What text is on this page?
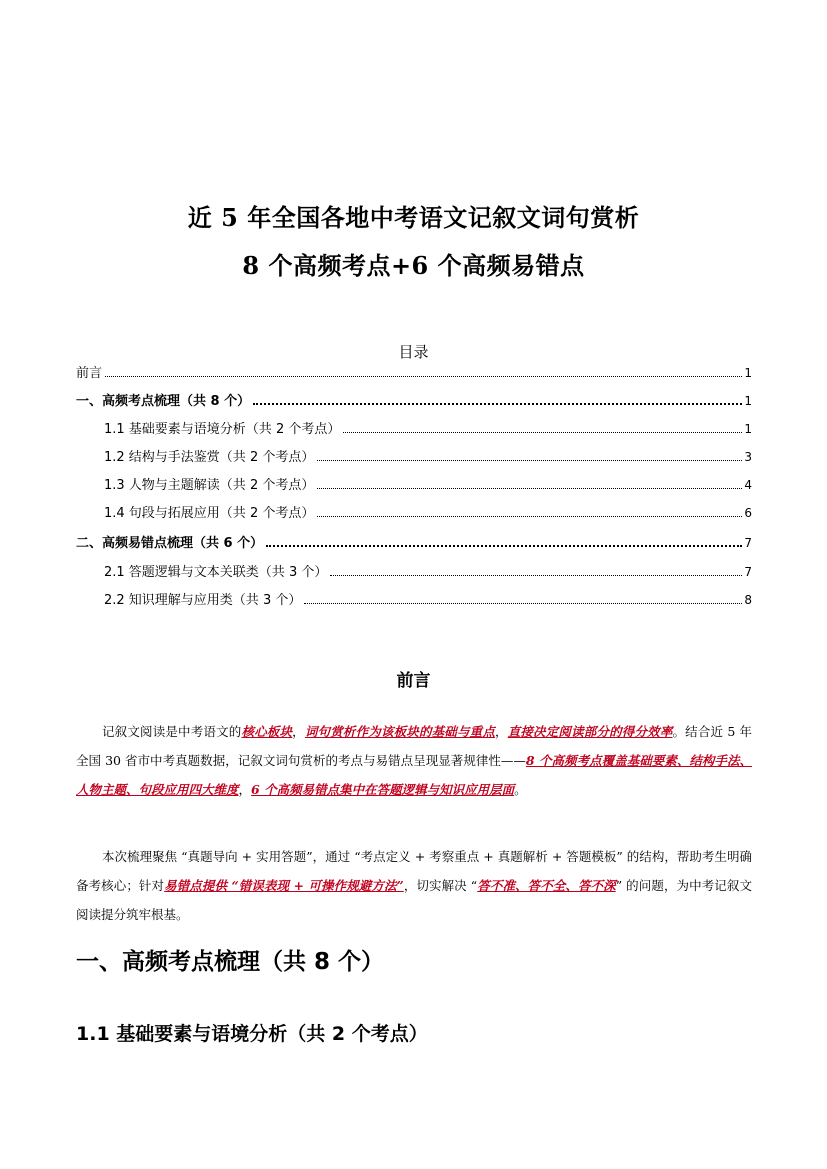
近 5 年全国各地中考语文记叙文词句赏析
8 个高频考点+6 个高频易错点
目录
前言	1
一、高频考点梳理（共 8 个）	1
1.1 基础要素与语境分析（共 2 个考点）	1
1.2 结构与手法鉴赏（共 2 个考点）	3
1.3 人物与主题解读（共 2 个考点）	4
1.4 句段与拓展应用（共 2 个考点）	6
二、高频易错点梳理（共 6 个）	7
2.1 答题逻辑与文本关联类（共 3 个）	7
2.2 知识理解与应用类（共 3 个）	8
前言

记叙文阅读是中考语文的核心板块，词句赏析作为该板块的基础与重点，直接决定阅读部分的得分效率。结合近 5 年全国 30 省市中考真题数据，记叙文词句赏析的考点与易错点呈现显著规律性——8 个高频考点覆盖基础要素、结构手法、人物主题、句段应用四大维度，6 个高频易错点集中在答题逻辑与知识应用层面。

本次梳理聚焦 “真题导向 + 实用答题”，通过 “考点定义 + 考察重点 + 真题解析 + 答题模板” 的结构，帮助考生明确备考核心；针对易错点提供 “错误表现 + 可操作规避方法”，切实解决 “答不准、答不全、答不深” 的问题，为中考记叙文阅读提分筑牢根基。

一、高频考点梳理（共 8 个）
1.1 基础要素与语境分析（共 2 个考点）
